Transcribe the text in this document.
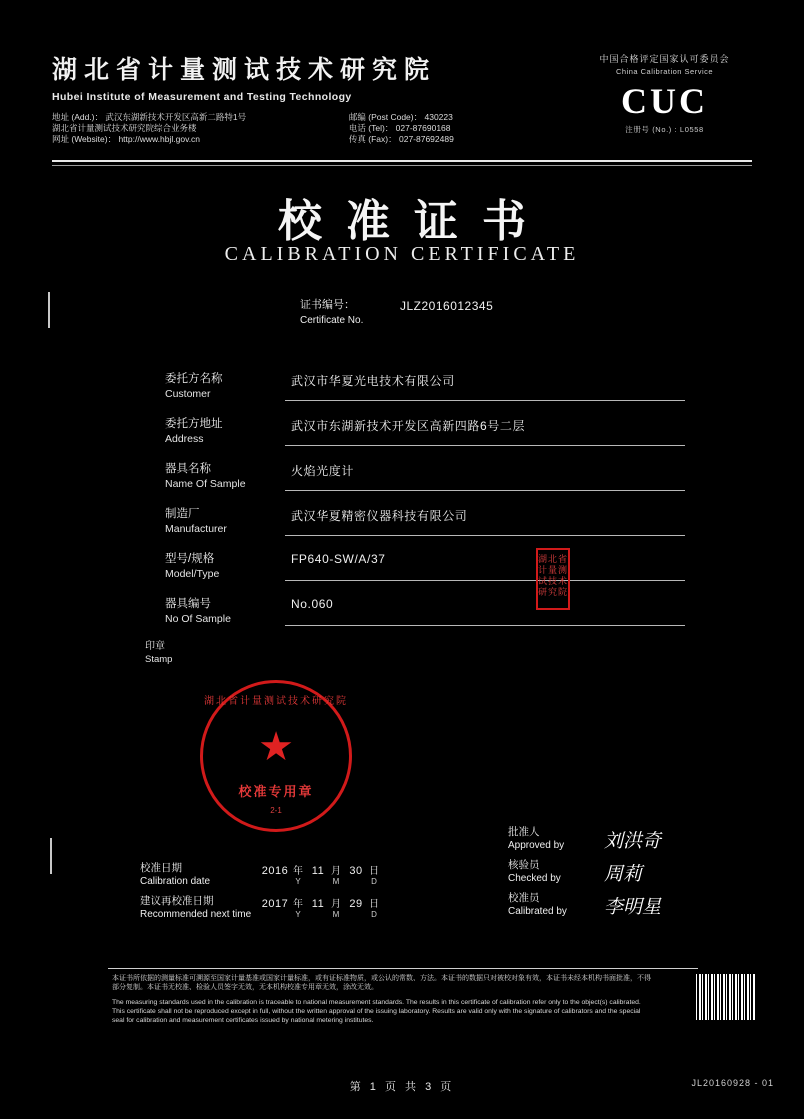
湖北省计量测试技术研究院
Hubei Institute of Measurement and Testing Technology
地址 (Add.)： 武汉东湖新技术开发区高新二路特1号	邮编 (Post Code)： 430223
湖北省计量测试技术研究院综合业务楼	电话 (Tel)： 027-87690168
网址 (Website)： http://www.hbjl.gov.cn	传真 (Fax)： 027-87692489
中国合格评定国家认可委员会
China Calibration Service
CUC
注册号 (No.) : L0558
校准证书
CALIBRATION CERTIFICATE
证书编号：
Certificate No.
JLZ2016012345
委托方名称
Customer
武汉市华夏光电技术有限公司
委托方地址
Address
武汉市东湖新技术开发区高新四路6号二层
器具名称
Name Of Sample
火焰光度计
制造厂
Manufacturer
武汉华夏精密仪器科技有限公司
型号/规格
Model/Type
FP640-SW/A/37
器具编号
No Of Sample
No.060
印章
Stamp
湖北省计量测试技术研究院
★
校准专用章
2-1
湖北省计量测试技术研究院
批准人
Approved by	刘洪奇
核验员
Checked by	周莉
校准员
Calibrated by	李明星
校准日期
Calibration date
2016 年
Y
11 月
M
30 日
D
建议再校准日期
Recommended next time
2017 年
Y
11 月
M
29 日
D

本证书所依据的测量标准可溯源至国家计量基准或国家计量标准，或有证标准物质，或公认的常数、方法。本证书的数据只对被校对象有效，本证书未经本机构书面批准，不得部分复制。本证书无校准、检验人员签字无效，无本机构校准专用章无效，涂改无效。

The measuring standards used in the calibration is traceable to national measurement standards. The results in this certificate of calibration refer only to the object(s) calibrated. This certificate shall not be reproduced except in full, without the written approval of the issuing laboratory. Results are valid only with the signature of calibrators and the special seal for calibration and measurement certificates issued by national metering institutes.

第 1 页 共 3 页	JL20160928 - 01
